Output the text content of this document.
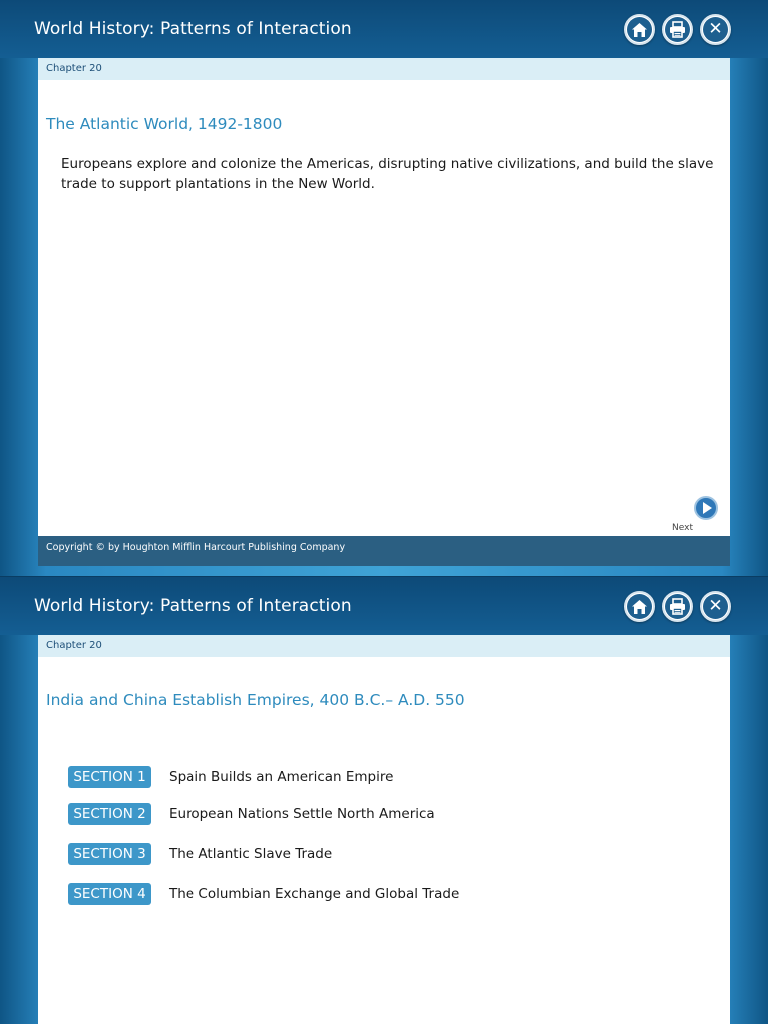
World History: Patterns of Interaction	✕
Chapter 20
The Atlantic World, 1492-1800
Europeans explore and colonize the Americas, disrupting native civilizations, and build the slave trade to support plantations in the New World.
Next
Copyright © by Houghton Mifflin Harcourt Publishing Company
World History: Patterns of Interaction	✕
Chapter 20
India and China Establish Empires, 400 B.C.– A.D. 550
SECTION 1	Spain Builds an American Empire
SECTION 2	European Nations Settle North America
SECTION 3	The Atlantic Slave Trade
SECTION 4	The Columbian Exchange and Global Trade
